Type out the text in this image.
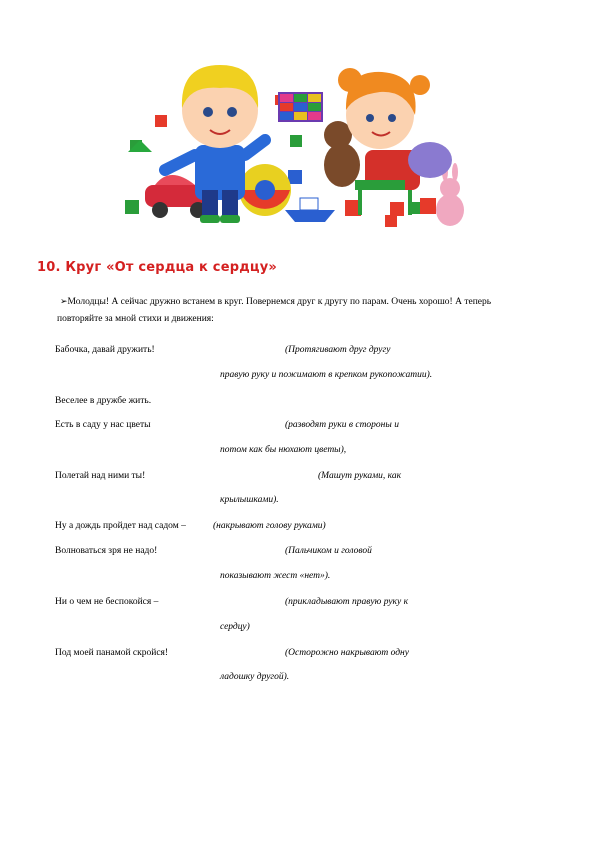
10. Круг «От сердца к сердцу»
➢Молодцы! А сейчас дружно встанем в круг. Повернемся друг к другу по парам. Очень хорошо! А теперь
повторяйте за мной стихи и движения:
Бабочка, давай дружить!	(Протягивают друг другу
правую руку и пожимают в крепком рукопожатии).
Веселее в дружбе жить.
Есть в саду у нас цветы	(разводят руки в стороны и
потом как бы нюхают цветы),
Полетай над ними ты!	(Машут руками, как
крылышками).
Ну а дождь пройдет над садом –	(накрывают голову руками)
Волноваться зря не надо!	(Пальчиком и головой
показывают жест «нет»).
Ни о чем не беспокойся –	(прикладывают правую руку к
сердцу)
Под моей панамой скройся!	(Осторожно накрывают одну
ладошку другой).
